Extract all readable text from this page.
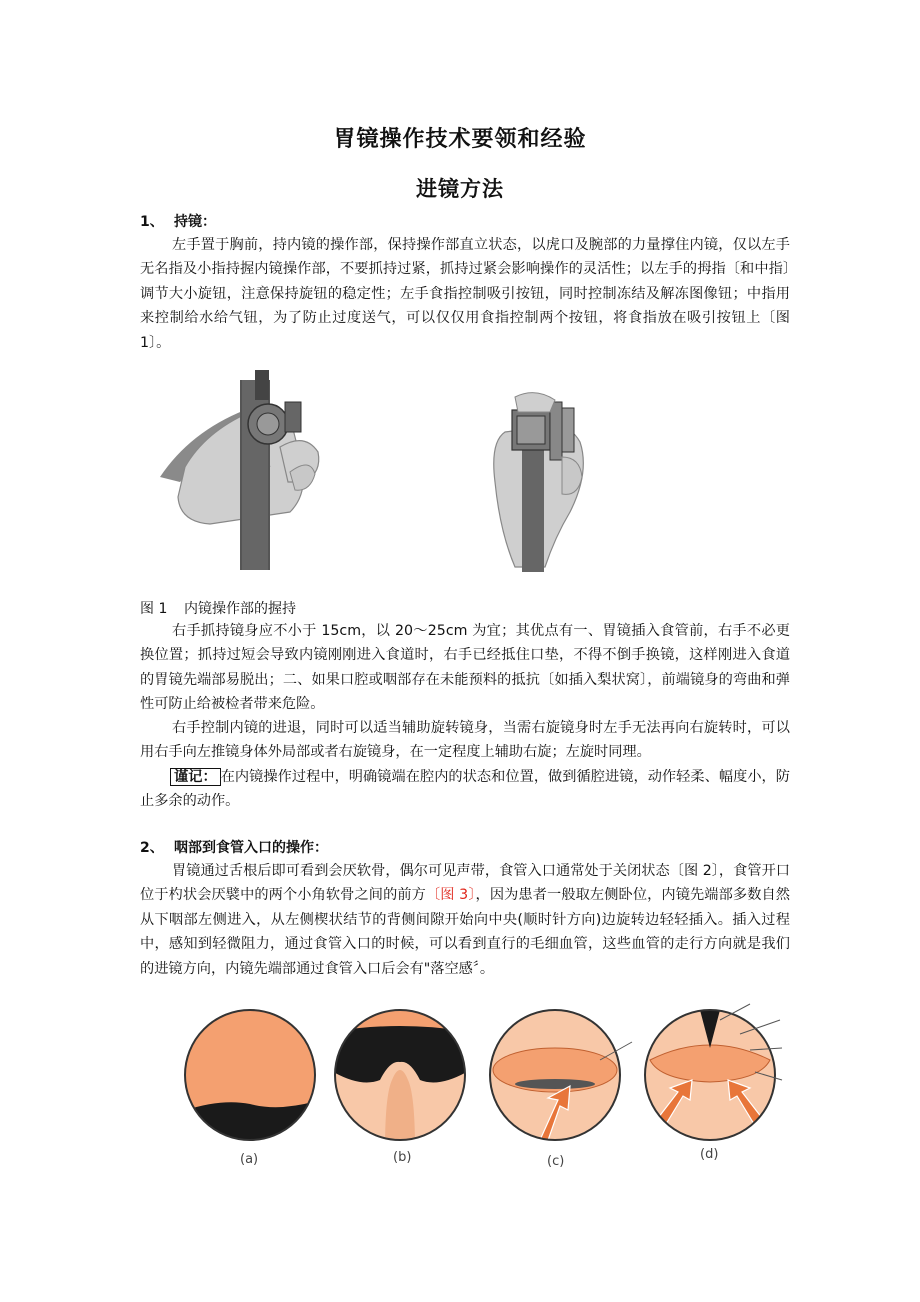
胃镜操作技术要领和经验
进镜方法
1、 持镜：
左手置于胸前，持内镜的操作部，保持操作部直立状态，以虎口及腕部的力量撑住内镜，仅以左手无名指及小指持握内镜操作部，不要抓持过紧，抓持过紧会影响操作的灵活性；以左手的拇指〔和中指〕调节大小旋钮，注意保持旋钮的稳定性；左手食指控制吸引按钮，同时控制冻结及解冻图像钮；中指用来控制给水给气钮，为了防止过度送气，可以仅仅用食指控制两个按钮，将食指放在吸引按钮上〔图 1〕。
图 1 内镜操作部的握持
右手抓持镜身应不小于 15cm，以 20～25cm 为宜；其优点有一、胃镜插入食管前，右手不必更换位置；抓持过短会导致内镜刚刚进入食道时，右手已经抵住口垫，不得不倒手换镜，这样刚进入食道的胃镜先端部易脱出；二、如果口腔或咽部存在未能预料的抵抗〔如插入梨状窝〕，前端镜身的弯曲和弹性可防止给被检者带来危险。
右手控制内镜的进退，同时可以适当辅助旋转镜身，当需右旋镜身时左手无法再向右旋转时，可以用右手向左推镜身体外局部或者右旋镜身，在一定程度上辅助右旋；左旋时同理。
谨记： 在内镜操作过程中，明确镜端在腔内的状态和位置，做到循腔进镜，动作轻柔、幅度小，防止多余的动作。
2、 咽部到食管入口的操作：
胃镜通过舌根后即可看到会厌软骨，偶尔可见声带，食管入口通常处于关闭状态〔图 2〕，食管开口位于杓状会厌襞中的两个小角软骨之间的前方〔图 3〕，因为患者一般取左侧卧位，内镜先端部多数自然从下咽部左侧进入，从左侧楔状结节的背侧间隙开始向中央(顺时针方向)边旋转边轻轻插入。插入过程中，感知到轻微阻力，通过食管入口的时候，可以看到直行的毛细血管，这些血管的走行方向就是我们的进镜方向，内镜先端部通过食管入口后会有"落空感〞。
(a)	(b)	(c)	(d)
